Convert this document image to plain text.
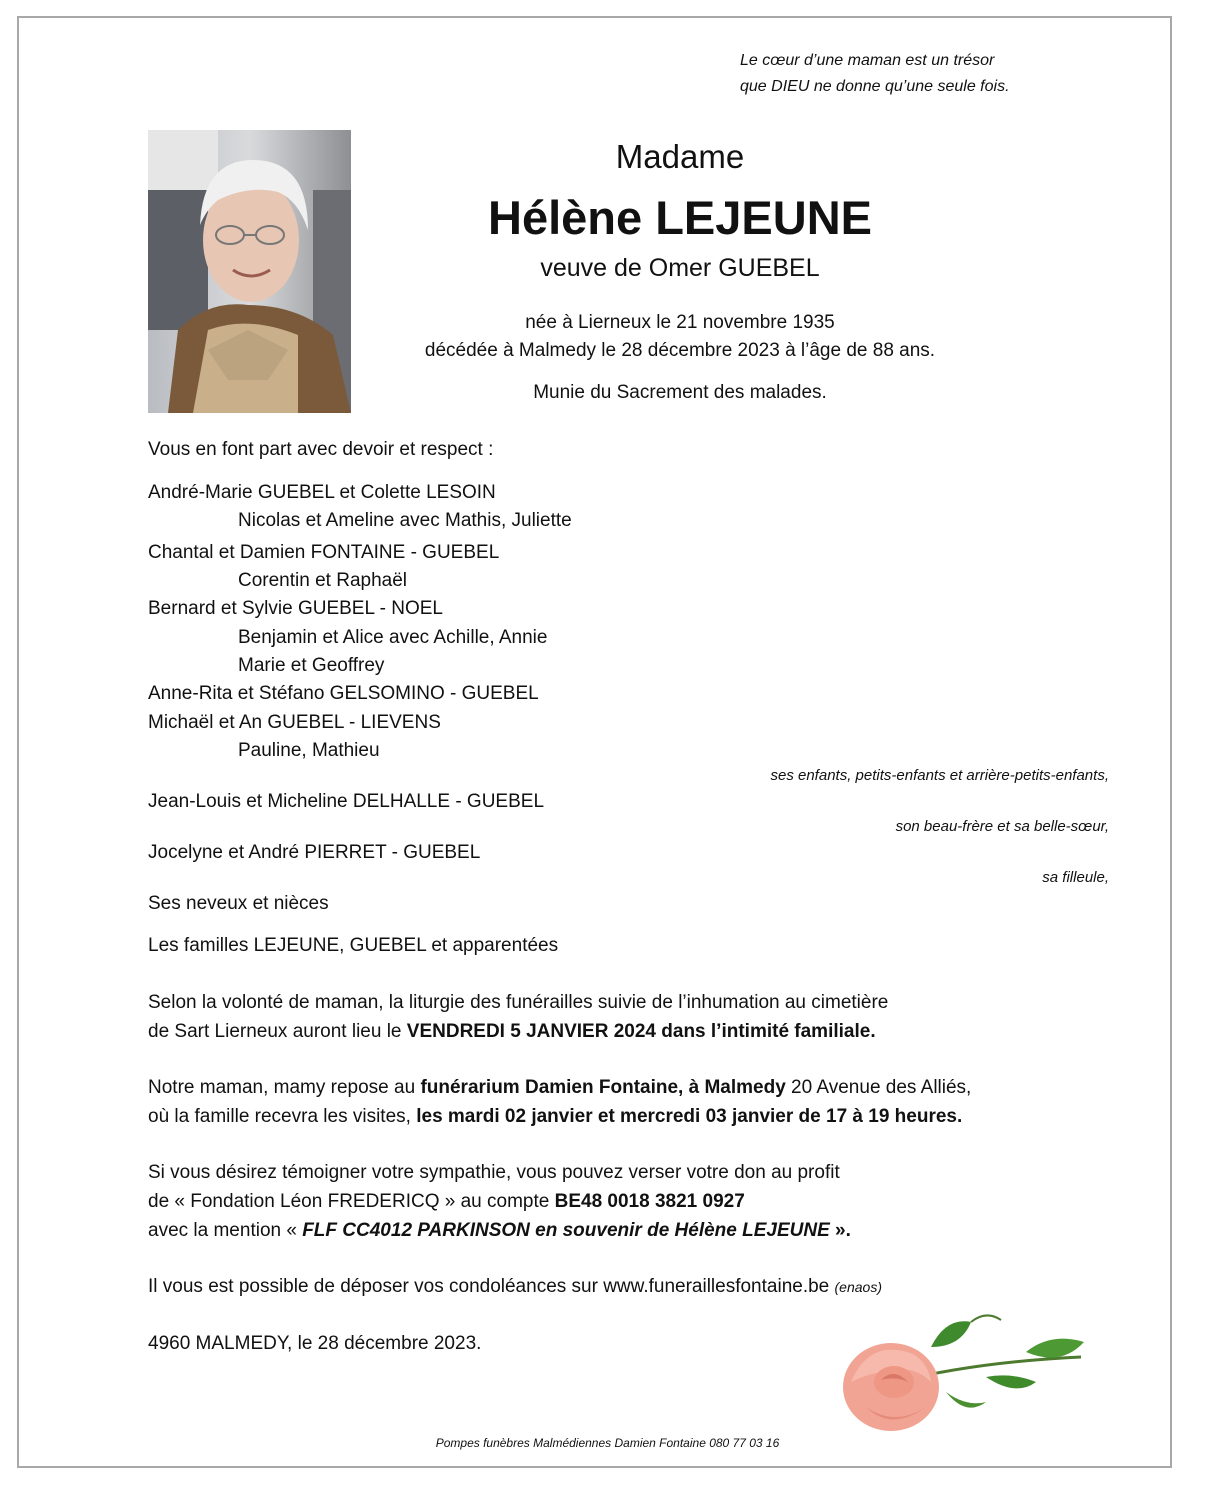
Le cœur d’une maman est un trésor
que DIEU ne donne qu’une seule fois.
Madame
Hélène LEJEUNE
veuve de Omer GUEBEL
née à Lierneux le 21 novembre 1935
décédée à Malmedy le 28 décembre 2023 à l’âge de 88 ans.
Munie du Sacrement des malades.
Vous en font part avec devoir et respect :
André-Marie GUEBEL et Colette LESOIN
Nicolas et Ameline avec Mathis, Juliette
Chantal et Damien FONTAINE - GUEBEL
Corentin et Raphaël
Bernard et Sylvie GUEBEL - NOEL
Benjamin et Alice avec Achille, Annie
Marie et Geoffrey
Anne-Rita et Stéfano GELSOMINO - GUEBEL
Michaël et An GUEBEL - LIEVENS
Pauline, Mathieu
ses enfants, petits-enfants et arrière-petits-enfants,
Jean-Louis et Micheline DELHALLE - GUEBEL
son beau-frère et sa belle-sœur,
Jocelyne et André PIERRET - GUEBEL
sa filleule,
Ses neveux et nièces
Les familles LEJEUNE, GUEBEL et apparentées
Selon la volonté de maman, la liturgie des funérailles suivie de l’inhumation au cimetière
de Sart Lierneux auront lieu le VENDREDI 5 JANVIER 2024 dans l’intimité familiale.
Notre maman, mamy repose au funérarium Damien Fontaine, à Malmedy 20 Avenue des Alliés,
où la famille recevra les visites, les mardi 02 janvier et mercredi 03 janvier de 17 à 19 heures.
Si vous désirez témoigner votre sympathie, vous pouvez verser votre don au profit
de « Fondation Léon FREDERICQ » au compte BE48 0018 3821 0927
avec la mention « FLF CC4012 PARKINSON en souvenir de Hélène LEJEUNE ».
Il vous est possible de déposer vos condoléances sur www.funeraillesfontaine.be (enaos)
4960 MALMEDY, le 28 décembre 2023.
Pompes funèbres Malmédiennes Damien Fontaine 080 77 03 16
